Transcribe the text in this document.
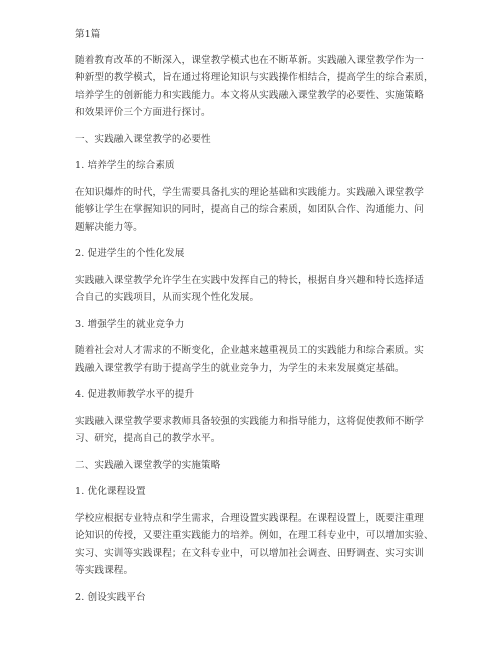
第1篇
随着教育改革的不断深入，课堂教学模式也在不断革新。实践融入课堂教学作为一
种新型的教学模式，旨在通过将理论知识与实践操作相结合，提高学生的综合素质，
培养学生的创新能力和实践能力。本文将从实践融入课堂教学的必要性、实施策略
和效果评价三个方面进行探讨。
一、实践融入课堂教学的必要性
1. 培养学生的综合素质
在知识爆炸的时代，学生需要具备扎实的理论基础和实践能力。实践融入课堂教学
能够让学生在掌握知识的同时，提高自己的综合素质，如团队合作、沟通能力、问
题解决能力等。
2. 促进学生的个性化发展
实践融入课堂教学允许学生在实践中发挥自己的特长，根据自身兴趣和特长选择适
合自己的实践项目，从而实现个性化发展。
3. 增强学生的就业竞争力
随着社会对人才需求的不断变化，企业越来越重视员工的实践能力和综合素质。实
践融入课堂教学有助于提高学生的就业竞争力，为学生的未来发展奠定基础。
4. 促进教师教学水平的提升
实践融入课堂教学要求教师具备较强的实践能力和指导能力，这将促使教师不断学
习、研究，提高自己的教学水平。
二、实践融入课堂教学的实施策略
1. 优化课程设置
学校应根据专业特点和学生需求，合理设置实践课程。在课程设置上，既要注重理
论知识的传授，又要注重实践能力的培养。例如，在理工科专业中，可以增加实验、
实习、实训等实践课程；在文科专业中，可以增加社会调查、田野调查、实习实训
等实践课程。
2. 创设实践平台
